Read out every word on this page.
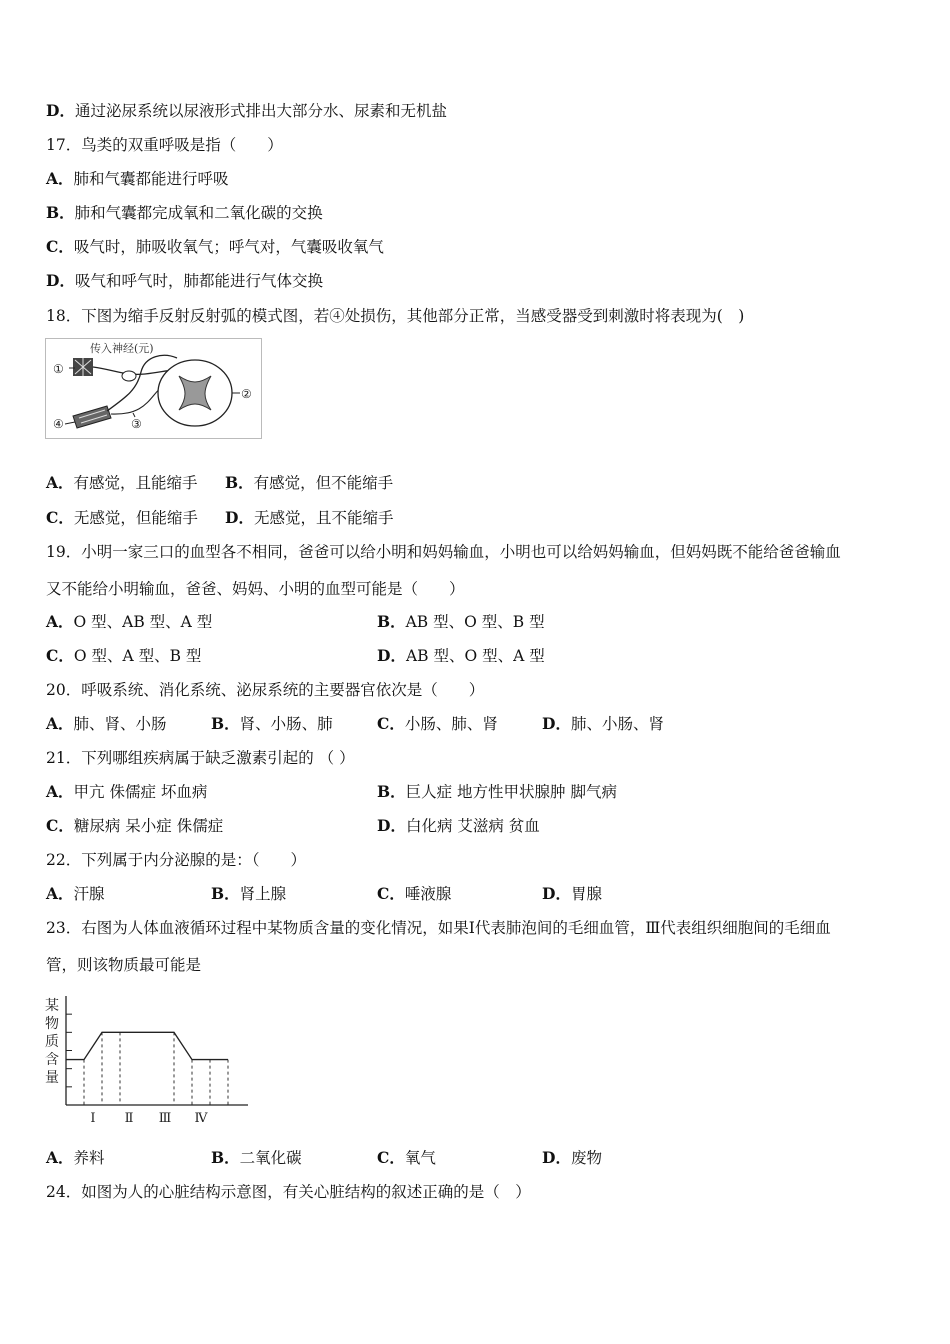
D．通过泌尿系统以尿液形式排出大部分水、尿素和无机盐
17．鸟类的双重呼吸是指（　　）
A．肺和气囊都能进行呼吸
B．肺和气囊都完成氧和二氧化碳的交换
C．吸气时，肺吸收氧气；呼气对，气囊吸收氧气
D．吸气和呼气时，肺都能进行气体交换
18．下图为缩手反射反射弧的模式图，若④处损伤，其他部分正常，当感受器受到刺激时将表现为(　)
传入神经(元)
①
②
③
④
A．有感觉，且能缩手 B．有感觉，但不能缩手
C．无感觉，但能缩手 D．无感觉，且不能缩手
19．小明一家三口的血型各不相同，爸爸可以给小明和妈妈输血，小明也可以给妈妈输血，但妈妈既不能给爸爸输血
又不能给小明输血，爸爸、妈妈、小明的血型可能是（　　）
A．O 型、AB 型、A 型	B．AB 型、O 型、B 型
C．O 型、A 型、B 型	D．AB 型、O 型、A 型
20．呼吸系统、消化系统、泌尿系统的主要器官依次是（　　）
A．肺、肾、小肠	B．肾、小肠、肺	C．小肠、肺、肾	D．肺、小肠、肾
21．下列哪组疾病属于缺乏激素引起的 （ ）
A．甲亢 侏儒症 坏血病	B．巨人症 地方性甲状腺肿 脚气病
C．糖尿病 呆小症 侏儒症	D．白化病 艾滋病 贫血
22．下列属于内分泌腺的是：（　　）
A．汗腺	B．肾上腺	C．唾液腺	D．胃腺
23．右图为人体血液循环过程中某物质含量的变化情况，如果Ⅰ代表肺泡间的毛细血管，Ⅲ代表组织细胞间的毛细血
管，则该物质最可能是
某
物
质
含
量
Ⅰ Ⅱ Ⅲ Ⅳ
A．养料	B．二氧化碳	C．氧气	D．废物
24．如图为人的心脏结构示意图，有关心脏结构的叙述正确的是（　）
